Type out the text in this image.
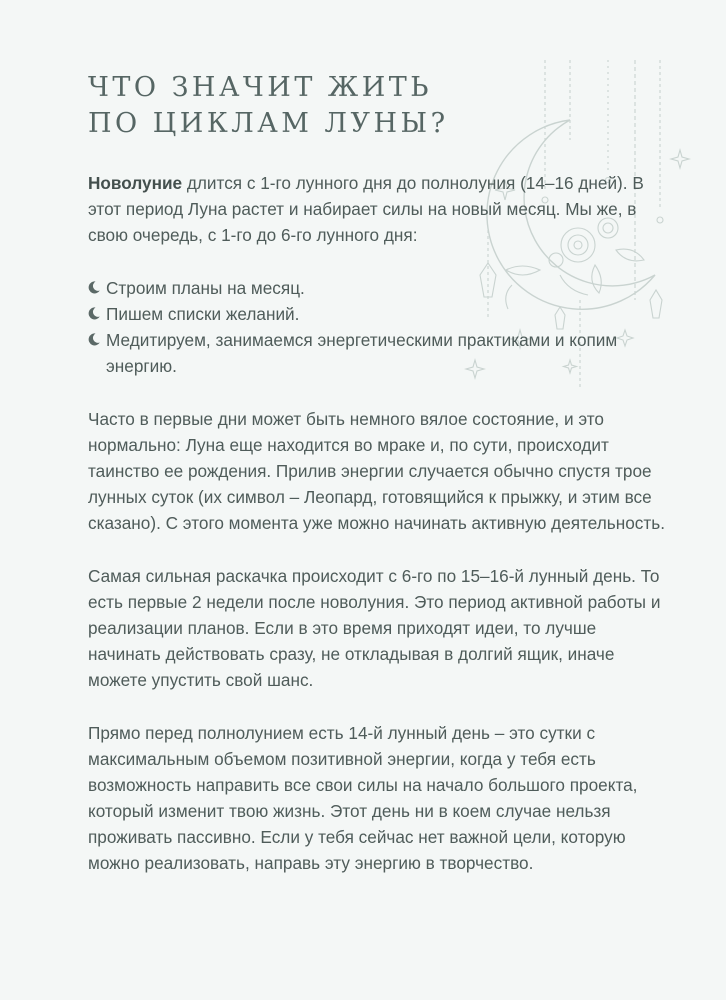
ЧТО ЗНАЧИТ ЖИТЬ
ПО ЦИКЛАМ ЛУНЫ?

Новолуние длится с 1-го лунного дня до полнолуния (14–16 дней). В этот период Луна растет и набирает силы на новый месяц. Мы же, в свою очередь, с 1-го до 6-го лунного дня:

Строим планы на месяц.
Пишем списки желаний.
Медитируем, занимаемся энергетическими практиками и копим энергию.

Часто в первые дни может быть немного вялое состояние, и это нормально: Луна еще находится во мраке и, по сути, происходит таинство ее рождения. Прилив энергии случается обычно спустя трое лунных суток (их символ – Леопард, готовящийся к прыжку, и этим все сказано). С этого момента уже можно начинать активную деятельность.

Самая сильная раскачка происходит с 6-го по 15–16-й лунный день. То есть первые 2 недели после новолуния. Это период активной работы и реализации планов. Если в это время приходят идеи, то лучше начинать действовать сразу, не откладывая в долгий ящик, иначе можете упустить свой шанс.

Прямо перед полнолунием есть 14-й лунный день – это сутки с максимальным объемом позитивной энергии, когда у тебя есть возможность направить все свои силы на начало большого проекта, который изменит твою жизнь. Этот день ни в коем случае нельзя проживать пассивно. Если у тебя сейчас нет важной цели, которую можно реализовать, направь эту энергию в творчество.
